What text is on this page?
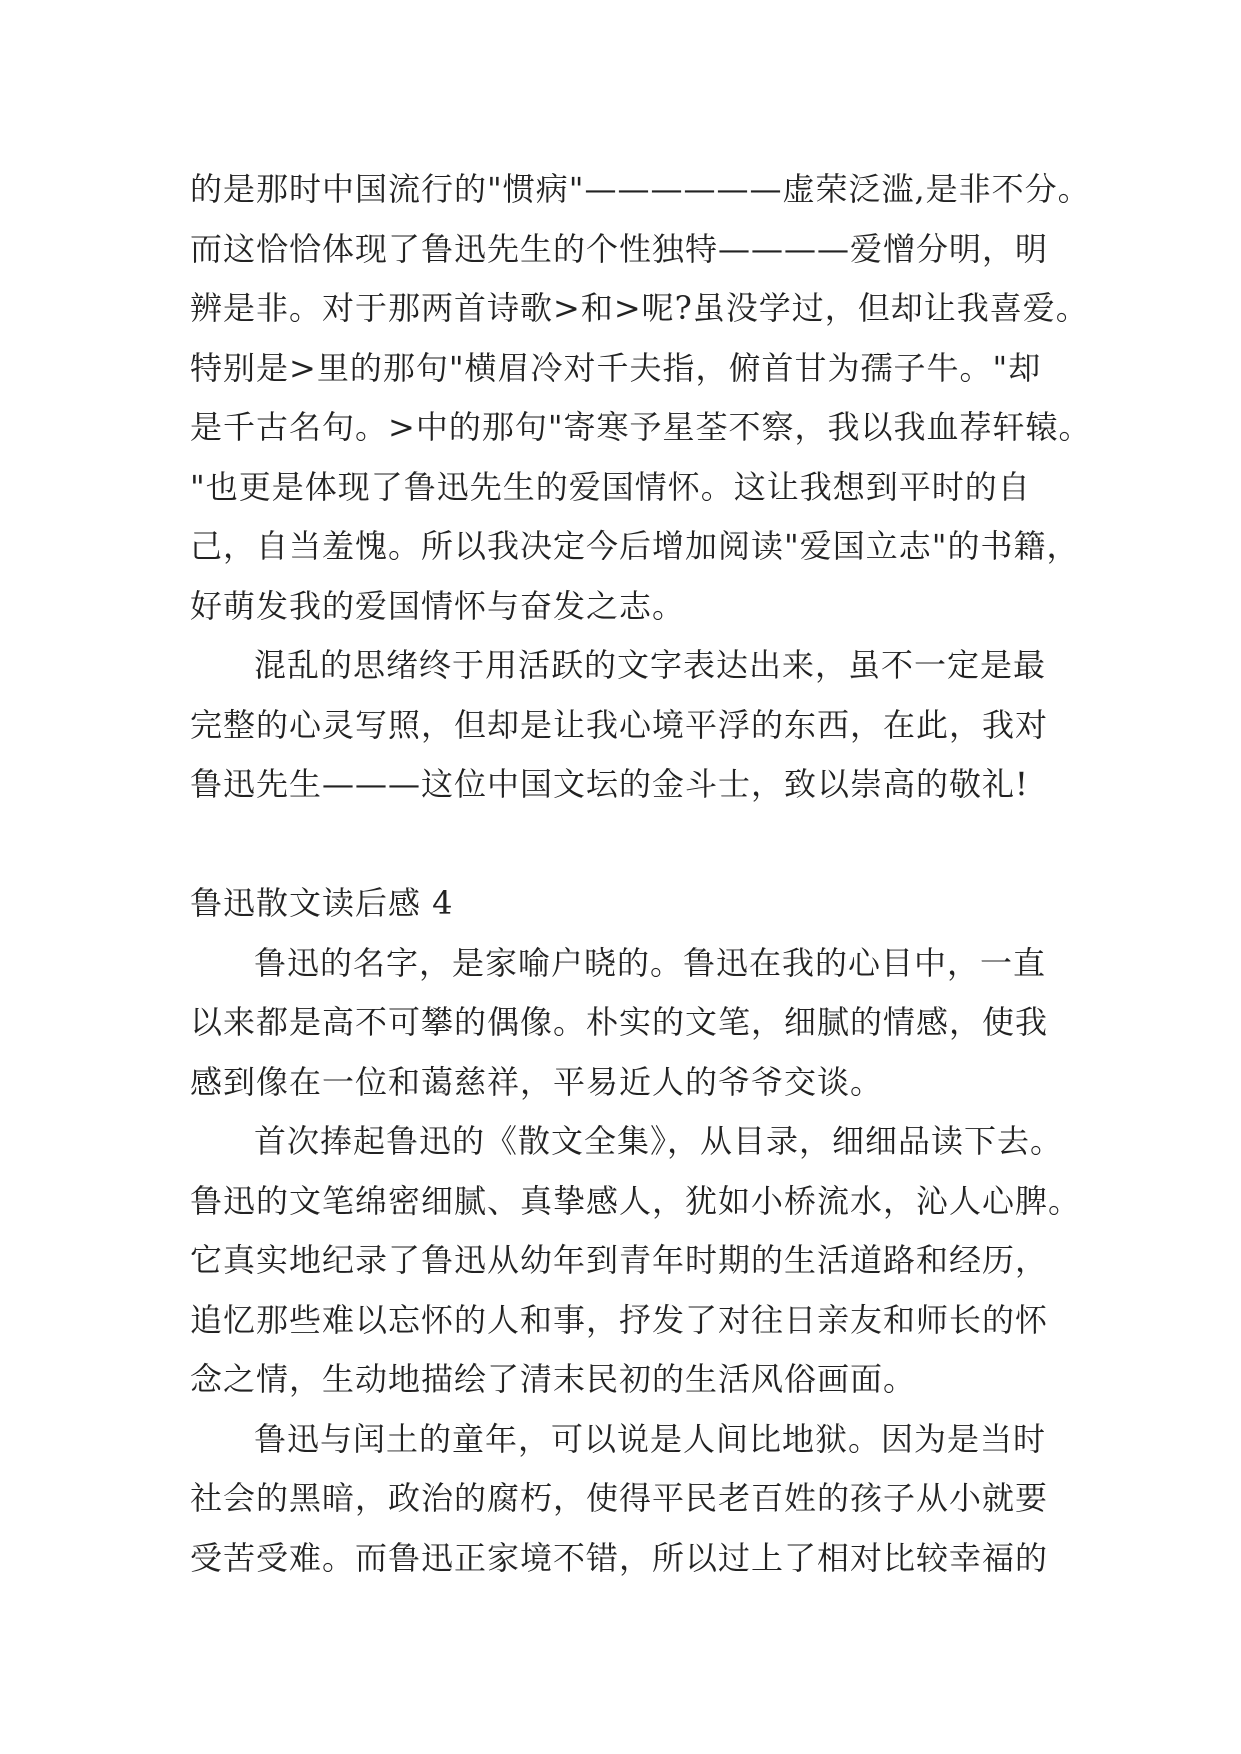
的是那时中国流行的"惯病"——————虚荣泛滥,是非不分。
而这恰恰体现了鲁迅先生的个性独特————爱憎分明，明
辨是非。对于那两首诗歌>和>呢?虽没学过，但却让我喜爱。
特别是>里的那句"横眉冷对千夫指，俯首甘为孺子牛。"却
是千古名句。>中的那句"寄寒予星荃不察，我以我血荐轩辕。
"也更是体现了鲁迅先生的爱国情怀。这让我想到平时的自
己，自当羞愧。所以我决定今后增加阅读"爱国立志"的书籍，
好萌发我的爱国情怀与奋发之志。
混乱的思绪终于用活跃的文字表达出来，虽不一定是最
完整的心灵写照，但却是让我心境平浮的东西，在此，我对
鲁迅先生———这位中国文坛的金斗士，致以崇高的敬礼!
鲁迅散文读后感 4
鲁迅的名字，是家喻户晓的。鲁迅在我的心目中，一直
以来都是高不可攀的偶像。朴实的文笔，细腻的情感，使我
感到像在一位和蔼慈祥，平易近人的爷爷交谈。
首次捧起鲁迅的《散文全集》，从目录，细细品读下去。
鲁迅的文笔绵密细腻、真挚感人，犹如小桥流水，沁人心脾。
它真实地纪录了鲁迅从幼年到青年时期的生活道路和经历，
追忆那些难以忘怀的人和事，抒发了对往日亲友和师长的怀
念之情，生动地描绘了清末民初的生活风俗画面。
鲁迅与闰土的童年，可以说是人间比地狱。因为是当时
社会的黑暗，政治的腐朽，使得平民老百姓的孩子从小就要
受苦受难。而鲁迅正家境不错，所以过上了相对比较幸福的
